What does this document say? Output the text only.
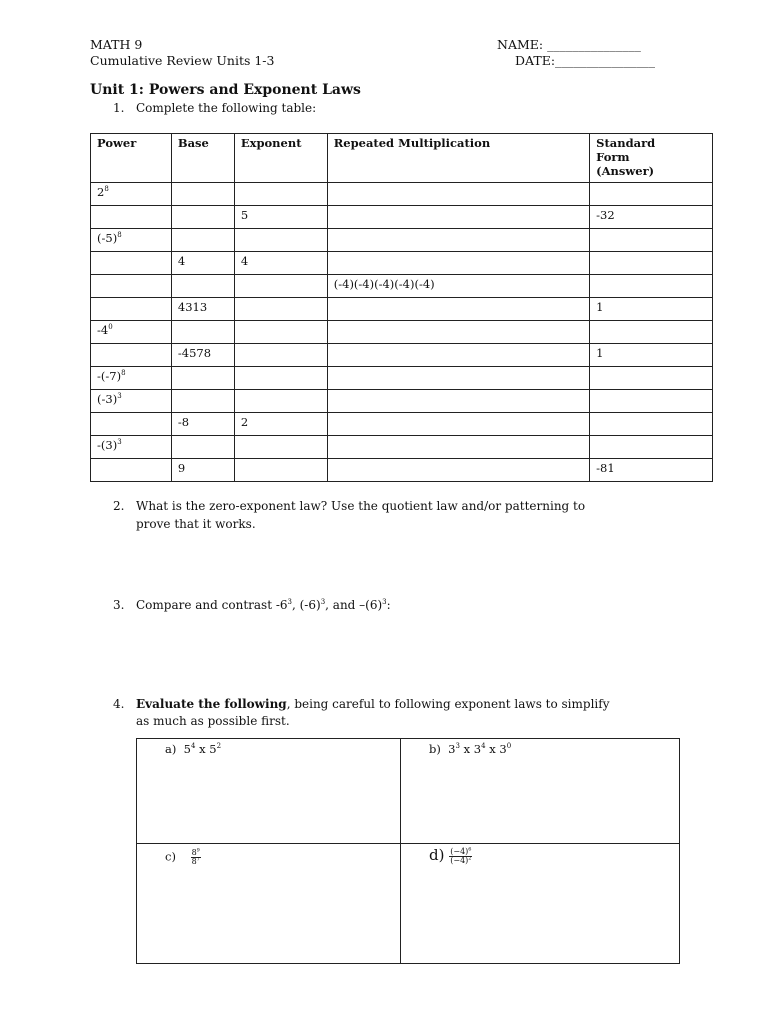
MATH 9
Cumulative Review Units 1-3
NAME: _______________
DATE:________________
Unit 1: Powers and Exponent Laws
1. Complete the following table:
Power	Base	Exponent	Repeated Multiplication	Standard
Form
(Answer)

$2^8$				
		5		-32
$(-5)^8$				
	4	4		
			(-4)(-4)(-4)(-4)(-4)	
	4313			1
$-4^0$				
	-4578			1
$-(-7)^8$				
$(-3)^3$				
	-8	2		
$-(3)^3$				
	9			-81
2. What is the zero-exponent law? Use the quotient law and/or patterning to
prove that it works.
3. Compare and contrast $-6^3$, $(-6)^3$, and $-(6)^3$:
4. Evaluate the following, being careful to following exponent laws to simplify
as much as possible first.
a) $5^4$ x $5^2$	b) $3^3$ x $3^4$ x $3^0$
$c) \frac{8^9}{8^7}$	$d) \frac{(-4)^6}{(-4)^2}$
